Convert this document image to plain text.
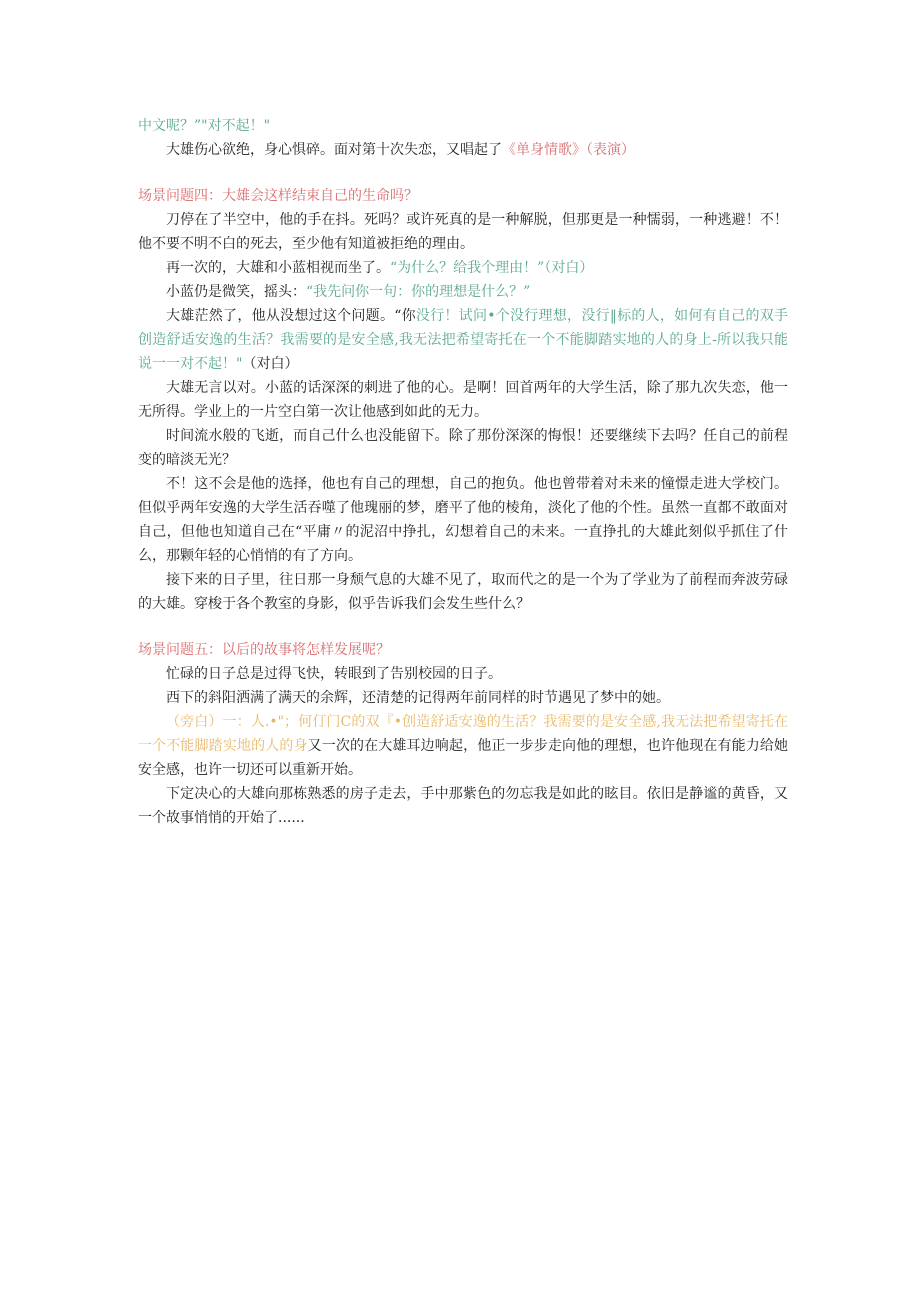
中文呢？”"对不起！"

大雄伤心欲绝，身心惧碎。面对第十次失恋，又唱起了《单身情歌》（表演）

场景问题四：大雄会这样结束自己的生命吗？

刀停在了半空中，他的手在抖。死吗？或许死真的是一种解脱，但那更是一种懦弱，一种逃避！不！他不要不明不白的死去，至少他有知道被拒绝的理由。

再一次的，大雄和小蓝相视而坐了。“为什么？给我个理由！”（对白）

小蓝仍是微笑，摇头：“我先问你一句：你的理想是什么？”

大雄茫然了，他从没想过这个问题。“你没行！试问•个没行理想，没行‖标的人，如何有自己的双手创造舒适安逸的生活？我需要的是安全感,我无法把希望寄托在一个不能脚踏实地的人的身上-所以我只能说一一对不起！"（对白）

大雄无言以对。小蓝的话深深的刺进了他的心。是啊！回首两年的大学生活，除了那九次失恋，他一无所得。学业上的一片空白第一次让他感到如此的无力。

时间流水般的飞逝，而自己什么也没能留下。除了那份深深的悔恨！还要继续下去吗？任自己的前程变的暗淡无光？

不！这不会是他的选择，他也有自己的理想，自己的抱负。他也曾带着对未来的憧憬走进大学校门。但似乎两年安逸的大学生活吞噬了他瑰丽的梦，磨平了他的棱角，淡化了他的个性。虽然一直都不敢面对自己，但他也知道自己在“平庸〃的泥沼中挣扎，幻想着自己的未来。一直挣扎的大雄此刻似乎抓住了什么，那颗年轻的心悄悄的有了方向。

接下来的日子里，往日那一身颓气息的大雄不见了，取而代之的是一个为了学业为了前程而奔波劳碌的大雄。穿梭于各个教室的身影，似乎告诉我们会发生些什么？

场景问题五：以后的故事将怎样发展呢？

忙碌的日子总是过得飞快，转眼到了告别校园的日子。

西下的斜阳洒满了满天的余辉，还清楚的记得两年前同样的时节遇见了梦中的她。

（旁白）一：人.•"；何仃门C的双『•创造舒适安逸的生活？我需要的是安全感,我无法把希望寄托在一个不能脚踏实地的人的身又一次的在大雄耳边响起，他正一步步走向他的理想，也许他现在有能力给她安全感，也许一切还可以重新开始。

下定决心的大雄向那栋熟悉的房子走去，手中那紫色的勿忘我是如此的眩目。依旧是静谧的黄昏，又一个故事悄悄的开始了......
